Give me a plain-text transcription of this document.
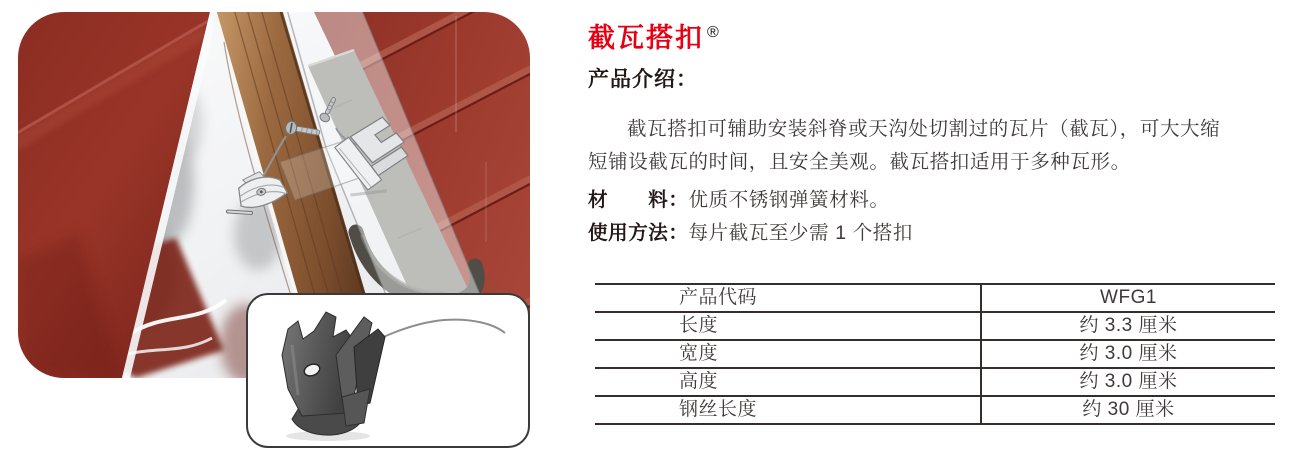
截瓦搭扣 ®
产品介绍：
截瓦搭扣可辅助安装斜脊或天沟处切割过的瓦片（截瓦），可大大缩
短铺设截瓦的时间，且安全美观。截瓦搭扣适用于多种瓦形。
材　　料：优质不锈钢弹簧材料。
使用方法：每片截瓦至少需 1 个搭扣
产品代码	WFG1
长度	约 3.3 厘米
宽度	约 3.0 厘米
高度	约 3.0 厘米
钢丝长度	约 30 厘米
